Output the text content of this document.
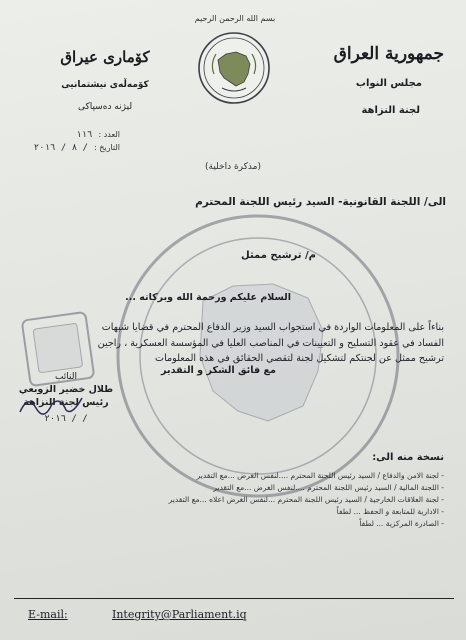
بسم الله الرحمن الرحيم
جمهورية العراق
مجلس النواب
لجنة النزاهة
كۆماری عیراق
كۆمەڵەی نیشتمانیی
لیژنە دەسپاكی
العدد :
١١٦
التاريخ :
/ ٨ / ٢٠١٦
(مذكرة داخلية)
الى/ اللجنة القانونية- السيد رئيس اللجنة المحترم
م/ ترشيح ممثل
السلام عليكم ورحمة الله وبركاته ...

بناءاً على المعلومات الواردة في استجواب السيد وزير الدفاع المحترم في قضايا شبهات

الفساد في عقود التسليح و التعيينات في المناصب العليا في المؤسسة العسكرية ، راجين

ترشيح ممثل عن لجنتكم لتشكيل لجنة لتقصي الحقائق في هذه المعلومات

مع فائق الشكر و التقدير
النائب
طلال خضير الزوبعي
رئيس لجنة النزاهة
/ / ٢٠١٦
نسخة منه الى:
- لجنة الامن والدفاع / السيد رئيس اللجنة المحترم ....لنفس الغرض ...مع التقدير
- اللجنة المالية / السيد رئيس اللجنة المحترم ....لنفس الغرض ...مع التقدير
- لجنة العلاقات الخارجية / السيد رئيس اللجنة المحترم ...لنفس الغرض اعلاه ...مع التقدير
- الادارية للمتابعة و الحفظ ... لطفاً
- الصادرة المركزية ... لطفاً
E-mail:	Integrity@Parliament.iq
